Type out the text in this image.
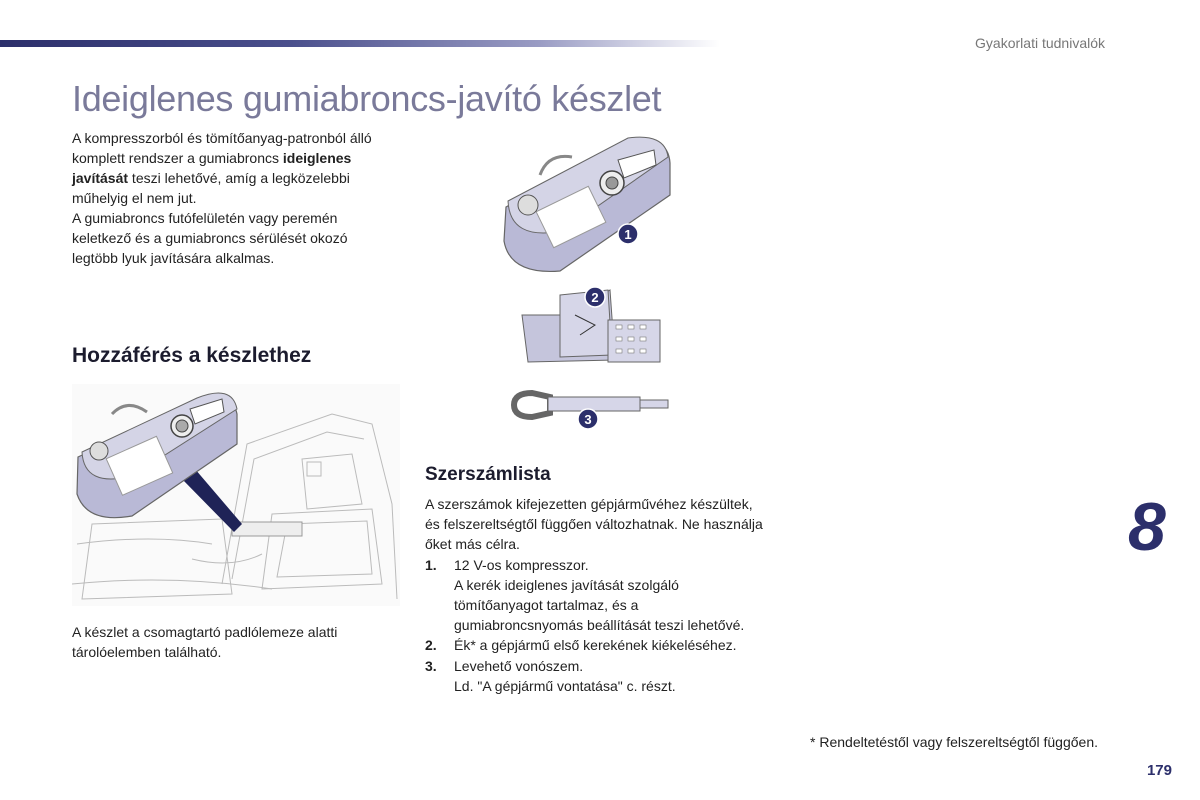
Gyakorlati tudnivalók
Ideiglenes gumiabroncs-javító készlet

A kompresszorból és tömítőanyag-patronból álló komplett rendszer a gumiabroncs ideiglenes javítását teszi lehetővé, amíg a legközelebbi műhelyig el nem jut.

A gumiabroncs futófelületén vagy peremén keletkező és a gumiabroncs sérülését okozó legtöbb lyuk javítására alkalmas.

Hozzáférés a készlethez
A készlet a csomagtartó padlólemeze alatti tárolóelemben található.
1
2
3
Szerszámlista

A szerszámok kifejezetten gépjárművéhez készültek, és felszereltségtől függően változhatnak. Ne használja őket más célra.

1.	12 V-os kompresszor.
A kerék ideiglenes javítását szolgáló tömítőanyagot tartalmaz, és a gumiabroncsnyomás beállítását teszi lehetővé.
2.	Ék* a gépjármű első kerekének kiékeléséhez.
3.	Levehető vonószem.
Ld. "A gépjármű vontatása" c. részt.
8
* Rendeltetéstől vagy felszereltségtől függően.
179
